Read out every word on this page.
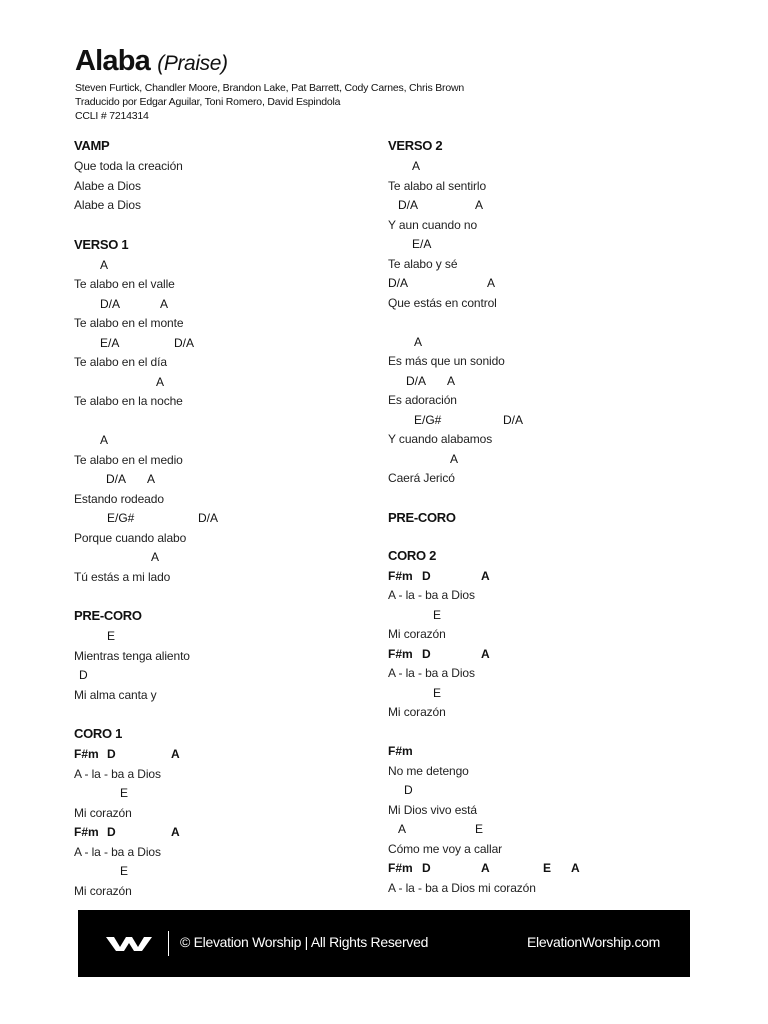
Alaba (Praise)
Steven Furtick, Chandler Moore, Brandon Lake, Pat Barrett, Cody Carnes, Chris Brown
Traducido por Edgar Aguilar, Toni Romero, David Espindola
CCLI # 7214314
VAMP
Que toda la creación
Alabe a Dios
Alabe a Dios
VERSO 1
A
Te alabo en el valle
D/A	A
Te alabo en el monte
E/A	D/A
Te alabo en el día
A
Te alabo en la noche
A
Te alabo en el medio
D/A A
Estando rodeado
E/G#	D/A
Porque cuando alabo
A
Tú estás a mi lado
PRE-CORO
E
Mientras tenga aliento
D
Mi alma canta y
CORO 1
F#m D	A
A - la - ba a Dios
E
Mi corazón
F#m D	A
A - la - ba a Dios
E
Mi corazón
VERSO 2
A
Te alabo al sentirlo
D/A	A
Y aun cuando no
E/A
Te alabo y sé
D/A	A
Que estás en control
A
Es más que un sonido
D/A A
Es adoración
E/G#	D/A
Y cuando alabamos
A
Caerá Jericó
PRE-CORO
CORO 2
F#m D	A
A - la - ba a Dios
E
Mi corazón
F#m D	A
A - la - ba a Dios
E
Mi corazón
F#m
No me detengo
D
Mi Dios vivo está
A	E
Cómo me voy a callar
F#m D	A	E A
A - la - ba a Dios mi corazón
© Elevation Worship | All Rights Reserved	ElevationWorship.com
